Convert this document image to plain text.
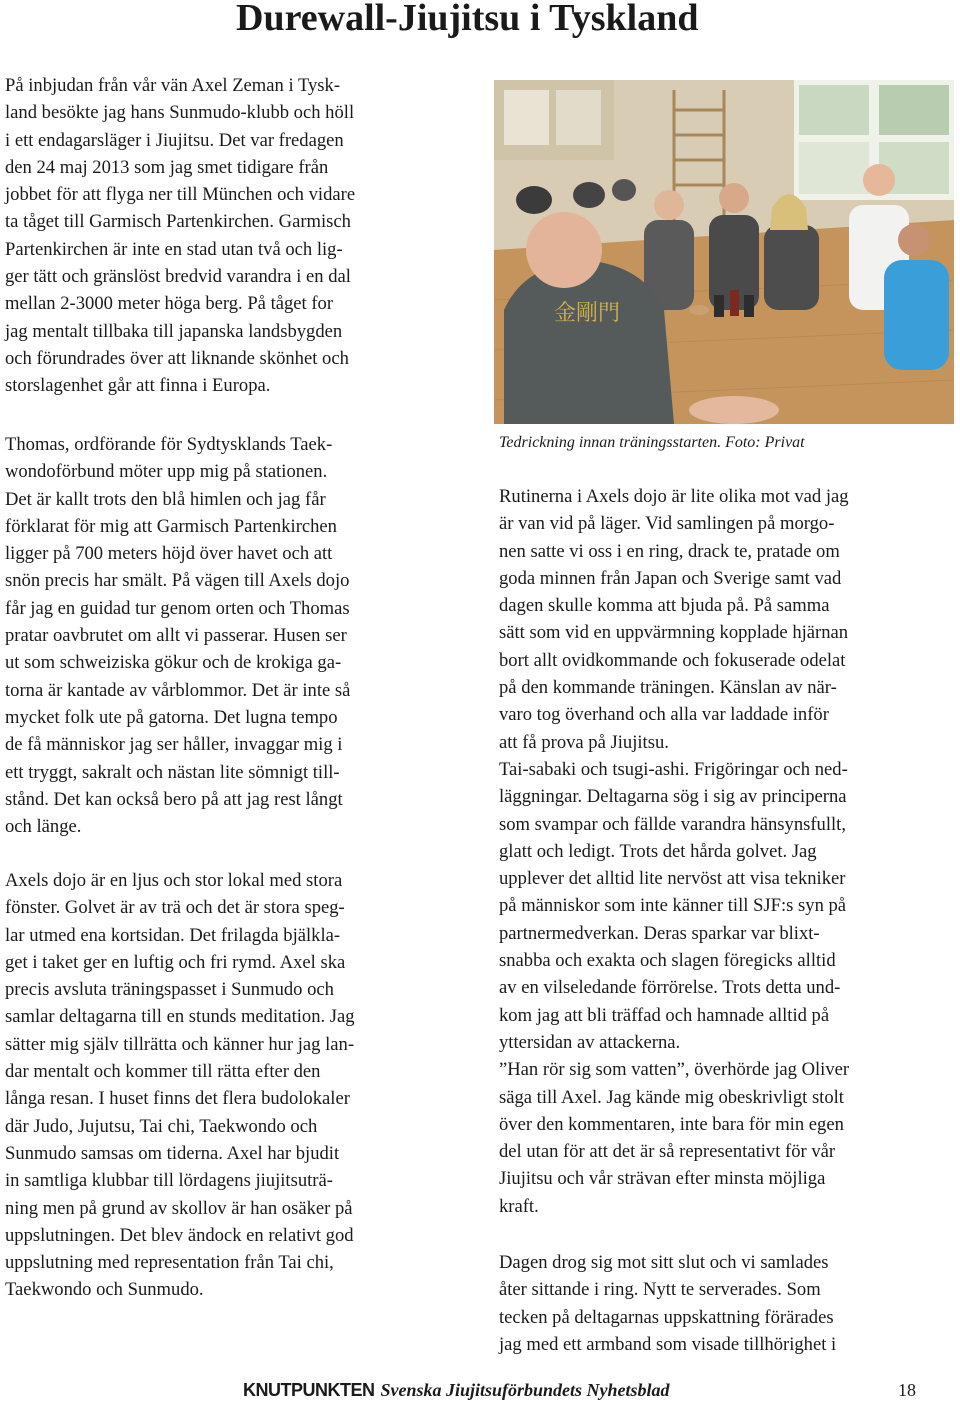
Durewall-Jiujitsu i Tyskland

På inbjudan från vår vän Axel Zeman i Tysk-
land besökte jag hans Sunmudo-klubb och höll
i ett endagarsläger i Jiujitsu. Det var fredagen
den 24 maj 2013 som jag smet tidigare från
jobbet för att flyga ner till München och vidare
ta tåget till Garmisch Partenkirchen. Garmisch
Partenkirchen är inte en stad utan två och lig-
ger tätt och gränslöst bredvid varandra i en dal
mellan 2-3000 meter höga berg. På tåget for
jag mentalt tillbaka till japanska landsbygden
och förundrades över att liknande skönhet och
storslagenhet går att finna i Europa.

Thomas, ordförande för Sydtysklands Taek-
wondoförbund möter upp mig på stationen.
Det är kallt trots den blå himlen och jag får
förklarat för mig att Garmisch Partenkirchen
ligger på 700 meters höjd över havet och att
snön precis har smält. På vägen till Axels dojo
får jag en guidad tur genom orten och Thomas
pratar oavbrutet om allt vi passerar. Husen ser
ut som schweiziska gökur och de krokiga ga-
torna är kantade av vårblommor. Det är inte så
mycket folk ute på gatorna. Det lugna tempo
de få människor jag ser håller, invaggar mig i
ett tryggt, sakralt och nästan lite sömnigt till-
stånd. Det kan också bero på att jag rest långt
och länge.

Axels dojo är en ljus och stor lokal med stora
fönster. Golvet är av trä och det är stora speg-
lar utmed ena kortsidan. Det frilagda bjälkla-
get i taket ger en luftig och fri rymd. Axel ska
precis avsluta träningspasset i Sunmudo och
samlar deltagarna till en stunds meditation. Jag
sätter mig själv tillrätta och känner hur jag lan-
dar mentalt och kommer till rätta efter den
långa resan. I huset finns det flera budolokaler
där Judo, Jujutsu, Tai chi, Taekwondo och
Sunmudo samsas om tiderna. Axel har bjudit
in samtliga klubbar till lördagens jiujitsuträ-
ning men på grund av skollov är han osäker på
uppslutningen. Det blev ändock en relativt god
uppslutning med representation från Tai chi,
Taekwondo och Sunmudo.

金剛門
Tedrickning innan träningsstarten. Foto: Privat

Rutinerna i Axels dojo är lite olika mot vad jag
är van vid på läger. Vid samlingen på morgo-
nen satte vi oss i en ring, drack te, pratade om
goda minnen från Japan och Sverige samt vad
dagen skulle komma att bjuda på. På samma
sätt som vid en uppvärmning kopplade hjärnan
bort allt ovidkommande och fokuserade odelat
på den kommande träningen. Känslan av när-
varo tog överhand och alla var laddade inför
att få prova på Jiujitsu.
Tai-sabaki och tsugi-ashi. Frigöringar och ned-
läggningar. Deltagarna sög i sig av principerna
som svampar och fällde varandra hänsynsfullt,
glatt och ledigt. Trots det hårda golvet. Jag
upplever det alltid lite nervöst att visa tekniker
på människor som inte känner till SJF:s syn på
partnermedverkan. Deras sparkar var blixt-
snabba och exakta och slagen föregicks alltid
av en vilseledande förrörelse. Trots detta und-
kom jag att bli träffad och hamnade alltid på
yttersidan av attackerna.
”Han rör sig som vatten”, överhörde jag Oliver
säga till Axel. Jag kände mig obeskrivligt stolt
över den kommentaren, inte bara för min egen
del utan för att det är så representativt för vår
Jiujitsu och vår strävan efter minsta möjliga
kraft.

Dagen drog sig mot sitt slut och vi samlades
åter sittande i ring. Nytt te serverades. Som
tecken på deltagarnas uppskattning förärades
jag med ett armband som visade tillhörighet i

KNUTPUNKTEN Svenska Jiujitsuförbundets Nyhetsblad	18
